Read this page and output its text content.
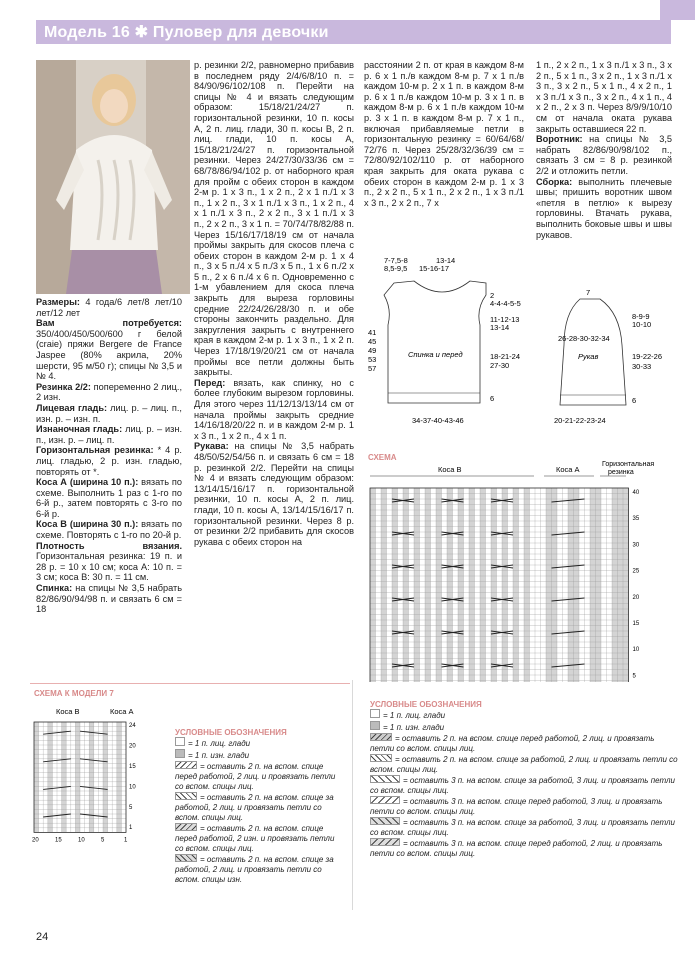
Модель 16 ✱ Пуловер для девочки

Размеры: 4 года/6 лет/8 лет/10 лет/12 лет

Вам потребуется: 350/400/450/500/600 г белой (craie) пряжи Bergere de France Jaspee (80% акрила, 20% шерсти, 95 м/50 г); спицы № 3,5 и № 4.

Резинка 2/2: попеременно 2 лиц., 2 изн.

Лицевая гладь: лиц. р. – лиц. п., изн. р. – изн. п.

Изнаночная гладь: лиц. р. – изн. п., изн. р. – лиц. п.

Горизонтальная резинка: * 4 р. лиц. гладью, 2 р. изн. гладью, повторять от *.

Коса А (ширина 10 п.): вязать по схеме. Выполнить 1 раз с 1-го по 6-й р., затем повторять с 3-го по 6-й р.

Коса В (ширина 30 п.): вязать по схеме. Повторять с 1-го по 20-й р.

Плотность вязания. Горизонтальная резинка: 19 п. и 28 р. = 10 х 10 см; коса А: 10 п. = 3 см; коса В: 30 п. = 11 см.

Спинка: на спицы № 3,5 набрать 82/86/90/94/98 п. и связать 6 см = 18

р. резинки 2/2, равномерно прибавив в последнем ряду 2/4/6/8/10 п. = 84/90/96/102/108 п. Перейти на спицы № 4 и вязать следующим образом: 15/18/21/24/27 п. горизонтальной резинки, 10 п. косы А, 2 п. лиц. глади, 30 п. косы В, 2 п. лиц. глади, 10 п. косы А, 15/18/21/24/27 п. горизонтальной резинки. Через 24/27/30/33/36 см = 68/78/86/94/102 р. от наборного края для пройм с обеих сторон в каждом 2-м р. 1 х 3 п., 1 х 2 п., 2 х 1 п./1 х 3 п., 1 х 2 п., 3 х 1 п./1 х 3 п., 1 х 2 п., 4 х 1 п./1 х 3 п., 2 х 2 п., 3 х 1 п./1 х 3 п., 2 х 2 п., 3 х 1 п. = 70/74/78/82/88 п. Через 15/16/17/18/19 см от начала проймы закрыть для скосов плеча с обеих сторон в каждом 2-м р. 1 х 4 п., 3 х 5 п./4 х 5 п./3 х 5 п., 1 х 6 п./2 х 5 п., 2 х 6 п./4 х 6 п. Одновременно с 1-м убавлением для скоса плеча закрыть для выреза горловины средние 22/24/26/28/30 п. и обе стороны закончить раздельно. Для закругления закрыть с внутреннего края в каждом 2-м р. 1 х 3 п., 1 х 2 п. Через 17/18/19/20/21 см от начала проймы все петли должны быть закрыты.

Перед: вязать, как спинку, но с более глубоким вырезом горловины. Для этого через 11/12/13/13/14 см от начала проймы закрыть средние 14/16/18/20/22 п. и в каждом 2-м р. 1 х 3 п., 1 х 2 п., 4 х 1 п.

Рукава: на спицы № 3,5 набрать 48/50/52/54/56 п. и связать 6 см = 18 р. резинкой 2/2. Перейти на спицы № 4 и вязать следующим образом: 13/14/15/16/17 п. горизонтальной резинки, 10 п. косы А, 2 п. лиц. глади, 10 п. косы А, 13/14/15/16/17 п. горизонтальной резинки. Через 8 р. от резинки 2/2 прибавить для скосов рукава с обеих сторон на

расстоянии 2 п. от края в каждом 8-м р. 6 х 1 п./в каждом 8-м р. 7 х 1 п./в каждом 10-м р. 2 х 1 п. в каждом 8-м р. 6 х 1 п./в каждом 10-м р. 3 х 1 п. в каждом 8-м р. 6 х 1 п./в каждом 10-м р. 3 х 1 п. в каждом 8-м р. 7 х 1 п., включая прибавляемые петли в горизонтальную резинку = 60/64/68/ 72/76 п. Через 25/28/32/36/39 см = 72/80/92/102/110 р. от наборного края закрыть для оката рукава с обеих сторон в каждом 2-м р. 1 х 3 п., 2 х 2 п., 5 х 1 п., 2 х 2 п., 1 х 3 п./1 х 3 п., 2 х 2 п., 7 х

1 п., 2 х 2 п., 1 х 3 п./1 х 3 п., 3 х 2 п., 5 х 1 п., 3 х 2 п., 1 х 3 п./1 х 3 п., 3 х 2 п., 5 х 1 п., 4 х 2 п., 1 х 3 п./1 х 3 п., 3 х 2 п., 4 х 1 п., 4 х 2 п., 2 х 3 п. Через 8/9/9/10/10 см от начала оката рукава закрыть оставшиеся 22 п.

Воротник: на спицы № 3,5 набрать 82/86/90/98/102 п., связать 3 см = 8 р. резинкой 2/2 и отложить петли.

Сборка: выполнить плечевые швы; пришить воротник швом «петля в петлю» к вырезу горловины. Втачать рукава, выполнить боковые швы и швы рукавов.

7-7,5-8
8,5-9,5
13-14
15-16-17
41
45
49
53
57
2
4-4-4-5-5
11-12-13
13-14
18-21-24
27-30
6
Спинка и перед
34-37-40-43-46
7
8-9-9
10-10
26-28-30-32-34
Рукав	19-22-26
30-33
6
20-21-22-23-24
СХЕМА
Коса В	Коса А
Горизонтальная
резинка
40
35
30
25
20
15
10
5
СХЕМА К МОДЕЛИ 7
Коса В	Коса А
24
20
15
10
5
1
20	15	10	5	1
УСЛОВНЫЕ ОБОЗНАЧЕНИЯ
= 1 п. лиц. глади
= 1 п. изн. глади
= оставить 2 п. на вспом. спице перед работой, 2 лиц. и провязать петли со вспом. спицы лиц.
= оставить 2 п. на вспом. спице за работой, 2 лиц. и провязать петли со вспом. спицы лиц.
= оставить 2 п. на вспом. спице перед работой, 2 изн. и провязать петли со вспом. спицы лиц.
= оставить 2 п. на вспом. спице за работой, 2 лиц. и провязать петли со вспом. спицы изн.
УСЛОВНЫЕ ОБОЗНАЧЕНИЯ
= 1 п. лиц. глади
= 1 п. изн. глади
= оставить 2 п. на вспом. спице перед работой, 2 лиц. и провязать петли со вспом. спицы лиц.
= оставить 2 п. на вспом. спице за работой, 2 лиц. и провязать петли со вспом. спицы лиц.
= оставить 3 п. на вспом. спице за работой, 3 лиц. и провязать петли со вспом. спицы лиц.
= оставить 3 п. на вспом. спице перед работой, 3 лиц. и провязать петли со вспом. спицы лиц.
= оставить 3 п. на вспом. спице за работой, 3 лиц. и провязать петли со вспом. спицы лиц.
= оставить 3 п. на вспом. спице перед работой, 2 лиц. и провязать петли со вспом. спицы лиц.
24
